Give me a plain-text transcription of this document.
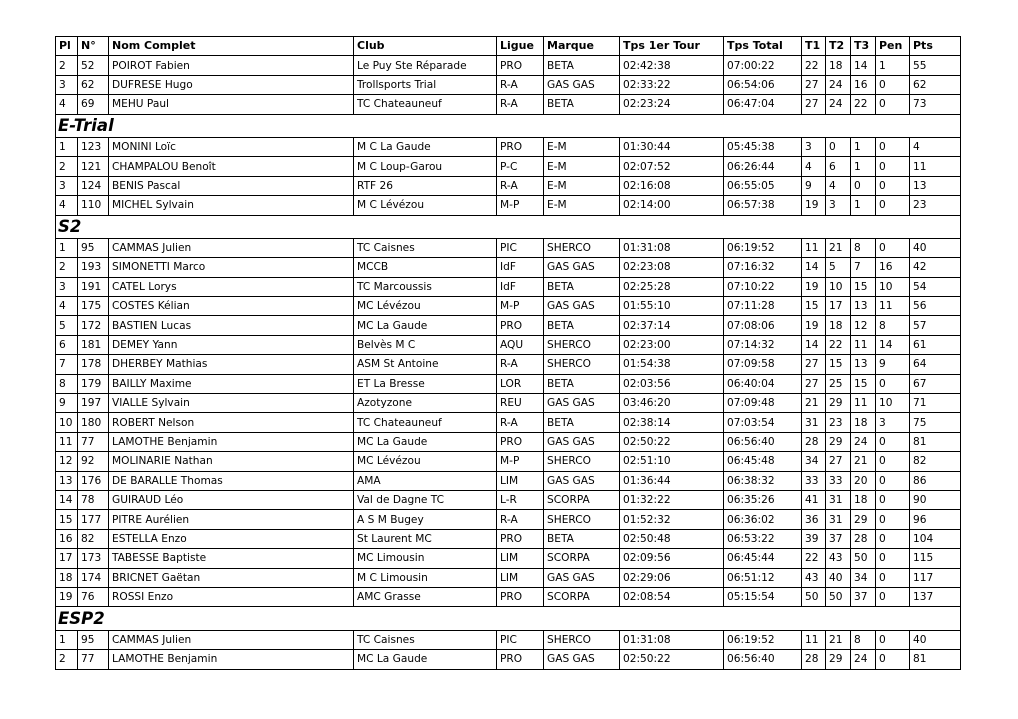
Pl	N°	Nom Complet	Club	Ligue	Marque	Tps 1er Tour	Tps Total	T1	T2	T3	Pen	Pts
2	52	POIROT Fabien	Le Puy Ste Réparade	PRO	BETA	02:42:38	07:00:22	22	18	14	1	55
3	62	DUFRESE Hugo	Trollsports Trial	R-A	GAS GAS	02:33:22	06:54:06	27	24	16	0	62
4	69	MEHU Paul	TC Chateauneuf	R-A	BETA	02:23:24	06:47:04	27	24	22	0	73
E-Trial												
1	123	MONINI Loïc	M C La Gaude	PRO	E-M	01:30:44	05:45:38	3	0	1	0	4
2	121	CHAMPALOU Benoît	M C Loup-Garou	P-C	E-M	02:07:52	06:26:44	4	6	1	0	11
3	124	BENIS Pascal	RTF 26	R-A	E-M	02:16:08	06:55:05	9	4	0	0	13
4	110	MICHEL Sylvain	M C Lévézou	M-P	E-M	02:14:00	06:57:38	19	3	1	0	23
S2												
1	95	CAMMAS Julien	TC Caisnes	PIC	SHERCO	01:31:08	06:19:52	11	21	8	0	40
2	193	SIMONETTI Marco	MCCB	IdF	GAS GAS	02:23:08	07:16:32	14	5	7	16	42
3	191	CATEL Lorys	TC Marcoussis	IdF	BETA	02:25:28	07:10:22	19	10	15	10	54
4	175	COSTES Kélian	MC Lévézou	M-P	GAS GAS	01:55:10	07:11:28	15	17	13	11	56
5	172	BASTIEN Lucas	MC La Gaude	PRO	BETA	02:37:14	07:08:06	19	18	12	8	57
6	181	DEMEY Yann	Belvès M C	AQU	SHERCO	02:23:00	07:14:32	14	22	11	14	61
7	178	DHERBEY Mathias	ASM St Antoine	R-A	SHERCO	01:54:38	07:09:58	27	15	13	9	64
8	179	BAILLY Maxime	ET La Bresse	LOR	BETA	02:03:56	06:40:04	27	25	15	0	67
9	197	VIALLE Sylvain	Azotyzone	REU	GAS GAS	03:46:20	07:09:48	21	29	11	10	71
10	180	ROBERT Nelson	TC Chateauneuf	R-A	BETA	02:38:14	07:03:54	31	23	18	3	75
11	77	LAMOTHE Benjamin	MC La Gaude	PRO	GAS GAS	02:50:22	06:56:40	28	29	24	0	81
12	92	MOLINARIE Nathan	MC Lévézou	M-P	SHERCO	02:51:10	06:45:48	34	27	21	0	82
13	176	DE BARALLE Thomas	AMA	LIM	GAS GAS	01:36:44	06:38:32	33	33	20	0	86
14	78	GUIRAUD Léo	Val de Dagne TC	L-R	SCORPA	01:32:22	06:35:26	41	31	18	0	90
15	177	PITRE Aurélien	A S M Bugey	R-A	SHERCO	01:52:32	06:36:02	36	31	29	0	96
16	82	ESTELLA Enzo	St Laurent MC	PRO	BETA	02:50:48	06:53:22	39	37	28	0	104
17	173	TABESSE Baptiste	MC Limousin	LIM	SCORPA	02:09:56	06:45:44	22	43	50	0	115
18	174	BRICNET Gaëtan	M C Limousin	LIM	GAS GAS	02:29:06	06:51:12	43	40	34	0	117
19	76	ROSSI Enzo	AMC Grasse	PRO	SCORPA	02:08:54	05:15:54	50	50	37	0	137
ESP2												
1	95	CAMMAS Julien	TC Caisnes	PIC	SHERCO	01:31:08	06:19:52	11	21	8	0	40
2	77	LAMOTHE Benjamin	MC La Gaude	PRO	GAS GAS	02:50:22	06:56:40	28	29	24	0	81
